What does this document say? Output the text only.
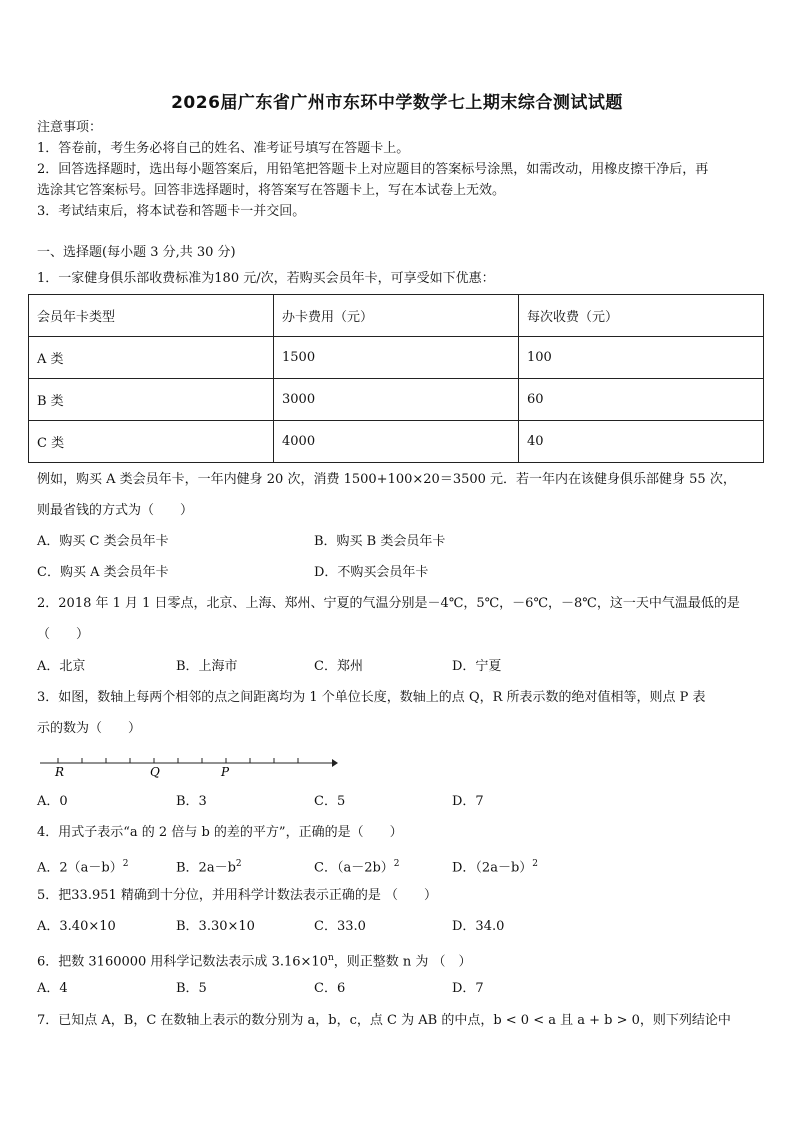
2026届广东省广州市东环中学数学七上期末综合测试试题
注意事项：
1．答卷前，考生务必将自己的姓名、准考证号填写在答题卡上。
2．回答选择题时，选出每小题答案后，用铅笔把答题卡上对应题目的答案标号涂黑，如需改动，用橡皮擦干净后，再
选涂其它答案标号。回答非选择题时，将答案写在答题卡上，写在本试卷上无效。
3．考试结束后，将本试卷和答题卡一并交回。
一、选择题(每小题 3 分,共 30 分)
1．一家健身俱乐部收费标准为180 元/次，若购买会员年卡，可享受如下优惠：
会员年卡类型	办卡费用（元）	每次收费（元）
A 类	1500	100
B 类	3000	60
C 类	4000	40
例如，购买 A 类会员年卡，一年内健身 20 次，消费 1500+100×20＝3500 元．若一年内在该健身俱乐部健身 55 次，
则最省钱的方式为（　　）
A．购买 C 类会员年卡	B．购买 B 类会员年卡
C．购买 A 类会员年卡	D．不购买会员年卡
2．2018 年 1 月 1 日零点，北京、上海、郑州、宁夏的气温分别是－4℃，5℃，－6℃，－8℃，这一天中气温最低的是
（　　）
A．北京	B．上海市	C．郑州	D．宁夏
3．如图，数轴上每两个相邻的点之间距离均为 1 个单位长度，数轴上的点 Q，R 所表示数的绝对值相等，则点 P 表
示的数为（　　）
R	Q	P
A．0	B．3	C．5	D．7
4．用式子表示“a 的 2 倍与 b 的差的平方”，正确的是（　　）
A．$2(a-b)^2$	B．$2a-b^2$	C．$(a-2b)^2$	D．$(2a-b)^2$
5．把33.951 精确到十分位，并用科学计数法表示正确的是 （　　）
A．3.40×10	B．3.30×10	C．33.0	D．34.0
6．把数 3160000 用科学记数法表示成 $3.16\times 10^n$，则正整数 n 为 （　）
A．4	B．5	C．6	D．7
7．已知点 A，B，C 在数轴上表示的数分别为 a，b，c，点 C 为 AB 的中点，b < 0 < a 且 a + b > 0，则下列结论中
